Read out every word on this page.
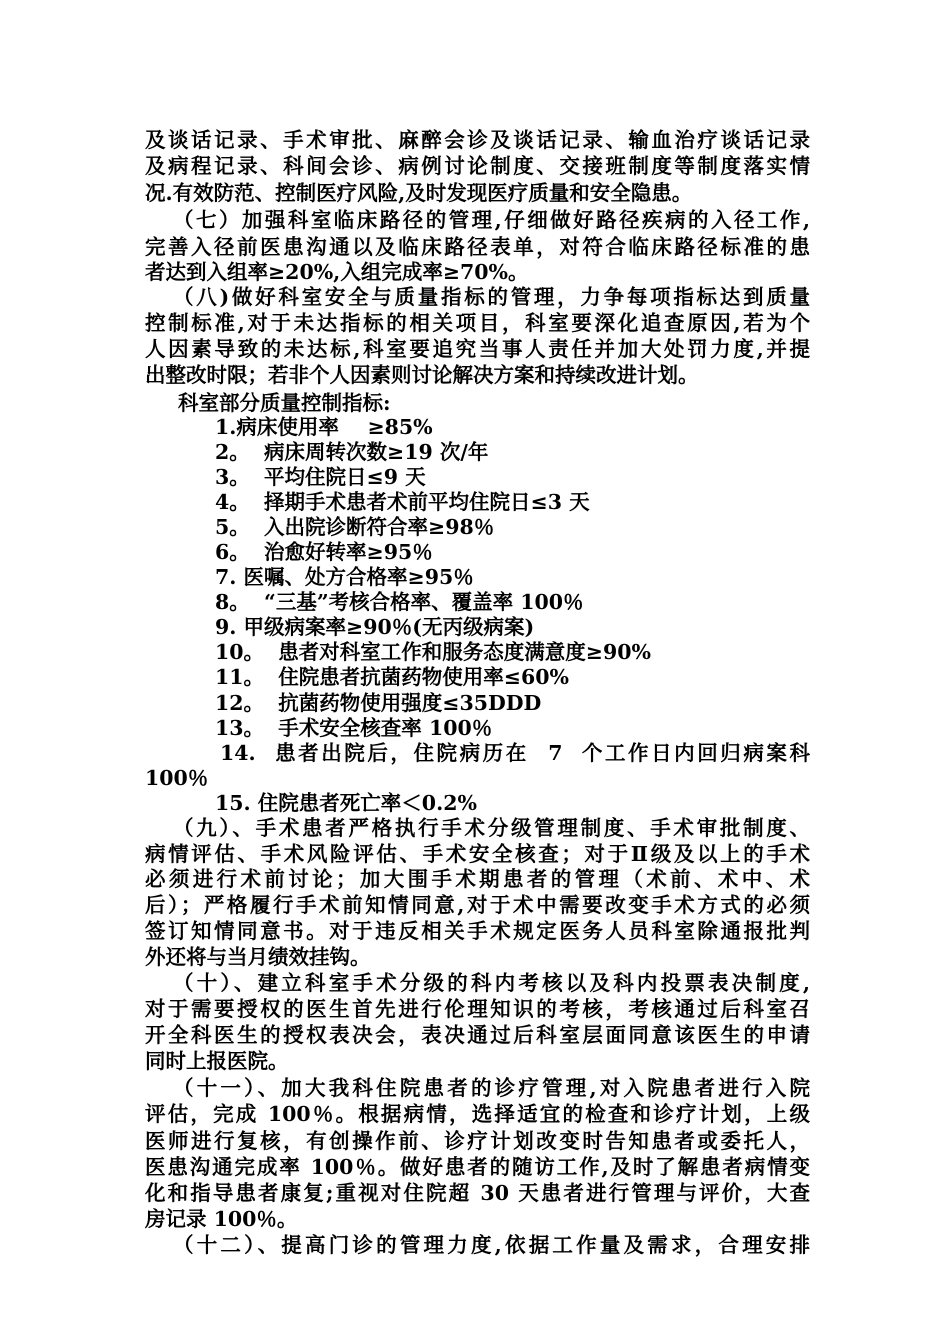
及谈话记录、手术审批、麻醉会诊及谈话记录、输血治疗谈话记录
及病程记录、科间会诊、病例讨论制度、交接班制度等制度落实情
况.有效防范、控制医疗风险,及时发现医疗质量和安全隐患。
（七）加强科室临床路径的管理,仔细做好路径疾病的入径工作,
完善入径前医患沟通以及临床路径表单，对符合临床路径标准的患
者达到入组率≥20%,入组完成率≥70%。
（八)做好科室安全与质量指标的管理，力争每项指标达到质量
控制标准,对于未达指标的相关项目，科室要深化追查原因,若为个
人因素导致的未达标,科室要追究当事人责任并加大处罚力度,并提
出整改时限；若非个人因素则讨论解决方案和持续改进计划。
科室部分质量控制指标:
1.病床使用率    ≥85%
2。  病床周转次数≥19 次/年
3。  平均住院日≤9 天
4。  择期手术患者术前平均住院日≤3 天
5。  入出院诊断符合率≥98％
6。  治愈好转率≥95％
7. 医嘱、处方合格率≥95％
8。  “三基”考核合格率、覆盖率 100％
9. 甲级病案率≥90％(无丙级病案)
10。  患者对科室工作和服务态度满意度≥90%
11。  住院患者抗菌药物使用率≤60%
12。  抗菌药物使用强度≤35DDD
13。  手术安全核查率 100％
14.  患者出院后，住院病历在  7  个工作日内回归病案科
100％
15. 住院患者死亡率＜0.2%
（九）、手术患者严格执行手术分级管理制度、手术审批制度、
病情评估、手术风险评估、手术安全核查；对于Ⅱ级及以上的手术
必须进行术前讨论；加大围手术期患者的管理（术前、术中、术
后）；严格履行手术前知情同意,对于术中需要改变手术方式的必须
签订知情同意书。对于违反相关手术规定医务人员科室除通报批判
外还将与当月绩效挂钩。
（十）、建立科室手术分级的科内考核以及科内投票表决制度,
对于需要授权的医生首先进行伦理知识的考核，考核通过后科室召
开全科医生的授权表决会，表决通过后科室层面同意该医生的申请
同时上报医院。
（十一）、加大我科住院患者的诊疗管理,对入院患者进行入院
评估，完成 100％。根据病情，选择适宜的检查和诊疗计划，上级
医师进行复核，有创操作前、诊疗计划改变时告知患者或委托人，
医患沟通完成率 100％。做好患者的随访工作,及时了解患者病情变
化和指导患者康复;重视对住院超 30 天患者进行管理与评价，大查
房记录 100％。
（十二）、提高门诊的管理力度,依据工作量及需求，合理安排
